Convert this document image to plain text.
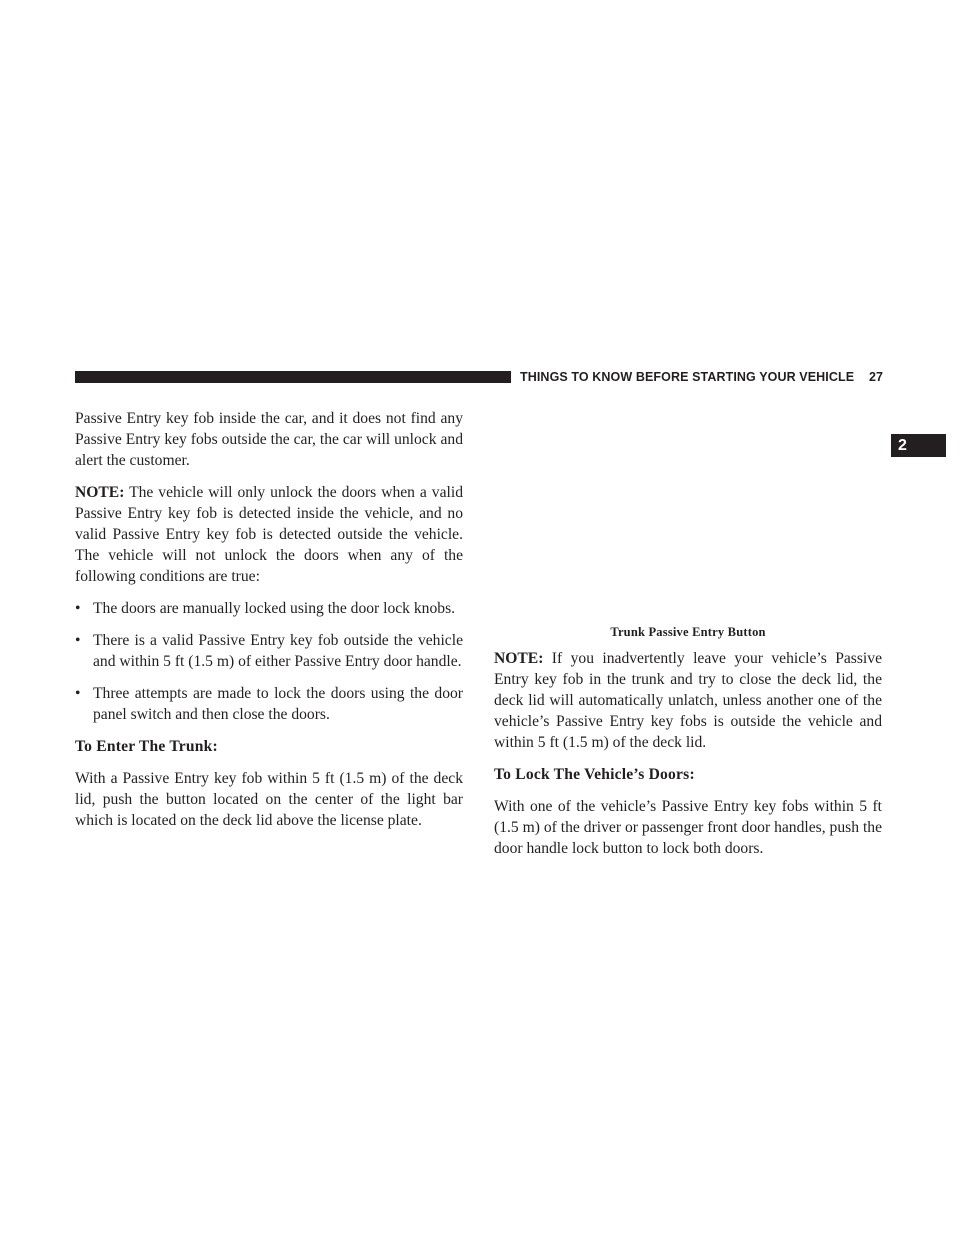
THINGS TO KNOW BEFORE STARTING YOUR VEHICLE	27
2

Passive Entry key fob inside the car, and it does not find any Passive Entry key fobs outside the car, the car will unlock and alert the customer.

NOTE: The vehicle will only unlock the doors when a valid Passive Entry key fob is detected inside the vehicle, and no valid Passive Entry key fob is detected outside the vehicle. The vehicle will not unlock the doors when any of the following conditions are true:

• The doors are manually locked using the door lock knobs.
• There is a valid Passive Entry key fob outside the vehicle and within 5 ft (1.5 m) of either Passive Entry door handle.
• Three attempts are made to lock the doors using the door panel switch and then close the doors.

To Enter The Trunk:

With a Passive Entry key fob within 5 ft (1.5 m) of the deck lid, push the button located on the center of the light bar which is located on the deck lid above the license plate.

Trunk Passive Entry Button

NOTE: If you inadvertently leave your vehicle’s Passive Entry key fob in the trunk and try to close the deck lid, the deck lid will automatically unlatch, unless another one of the vehicle’s Passive Entry key fobs is outside the vehicle and within 5 ft (1.5 m) of the deck lid.

To Lock The Vehicle’s Doors:

With one of the vehicle’s Passive Entry key fobs within 5 ft (1.5 m) of the driver or passenger front door handles, push the door handle lock button to lock both doors.
